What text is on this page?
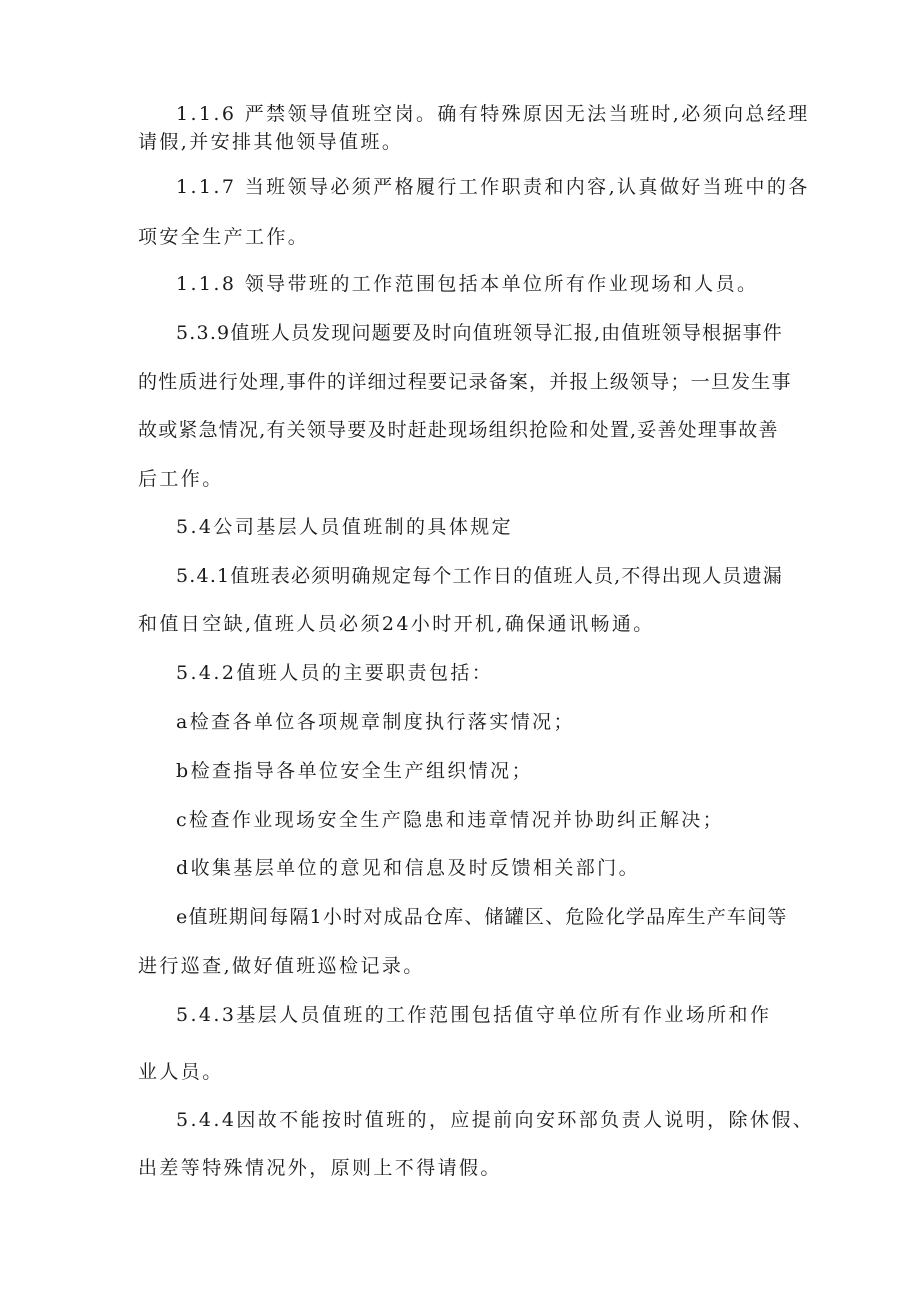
1.1.6 严禁领导值班空岗。确有特殊原因无法当班时,必须向总经理
请假,并安排其他领导值班。
1.1.7 当班领导必须严格履行工作职责和内容,认真做好当班中的各
项安全生产工作。
1.1.8 领导带班的工作范围包括本单位所有作业现场和人员。
5.3.9值班人员发现问题要及时向值班领导汇报,由值班领导根据事件
的性质进行处理,事件的详细过程要记录备案，并报上级领导；一旦发生事
故或紧急情况,有关领导要及时赶赴现场组织抢险和处置,妥善处理事故善
后工作。
5.4公司基层人员值班制的具体规定
5.4.1值班表必须明确规定每个工作日的值班人员,不得出现人员遗漏
和值日空缺,值班人员必须24小时开机,确保通讯畅通。
5.4.2值班人员的主要职责包括：
a检查各单位各项规章制度执行落实情况；
b检查指导各单位安全生产组织情况；
c检查作业现场安全生产隐患和违章情况并协助纠正解决；
d收集基层单位的意见和信息及时反馈相关部门。
e值班期间每隔1小时对成品仓库、储罐区、危险化学品库生产车间等
进行巡查,做好值班巡检记录。
5.4.3基层人员值班的工作范围包括值守单位所有作业场所和作
业人员。
5.4.4因故不能按时值班的，应提前向安环部负责人说明，除休假、
出差等特殊情况外，原则上不得请假。
